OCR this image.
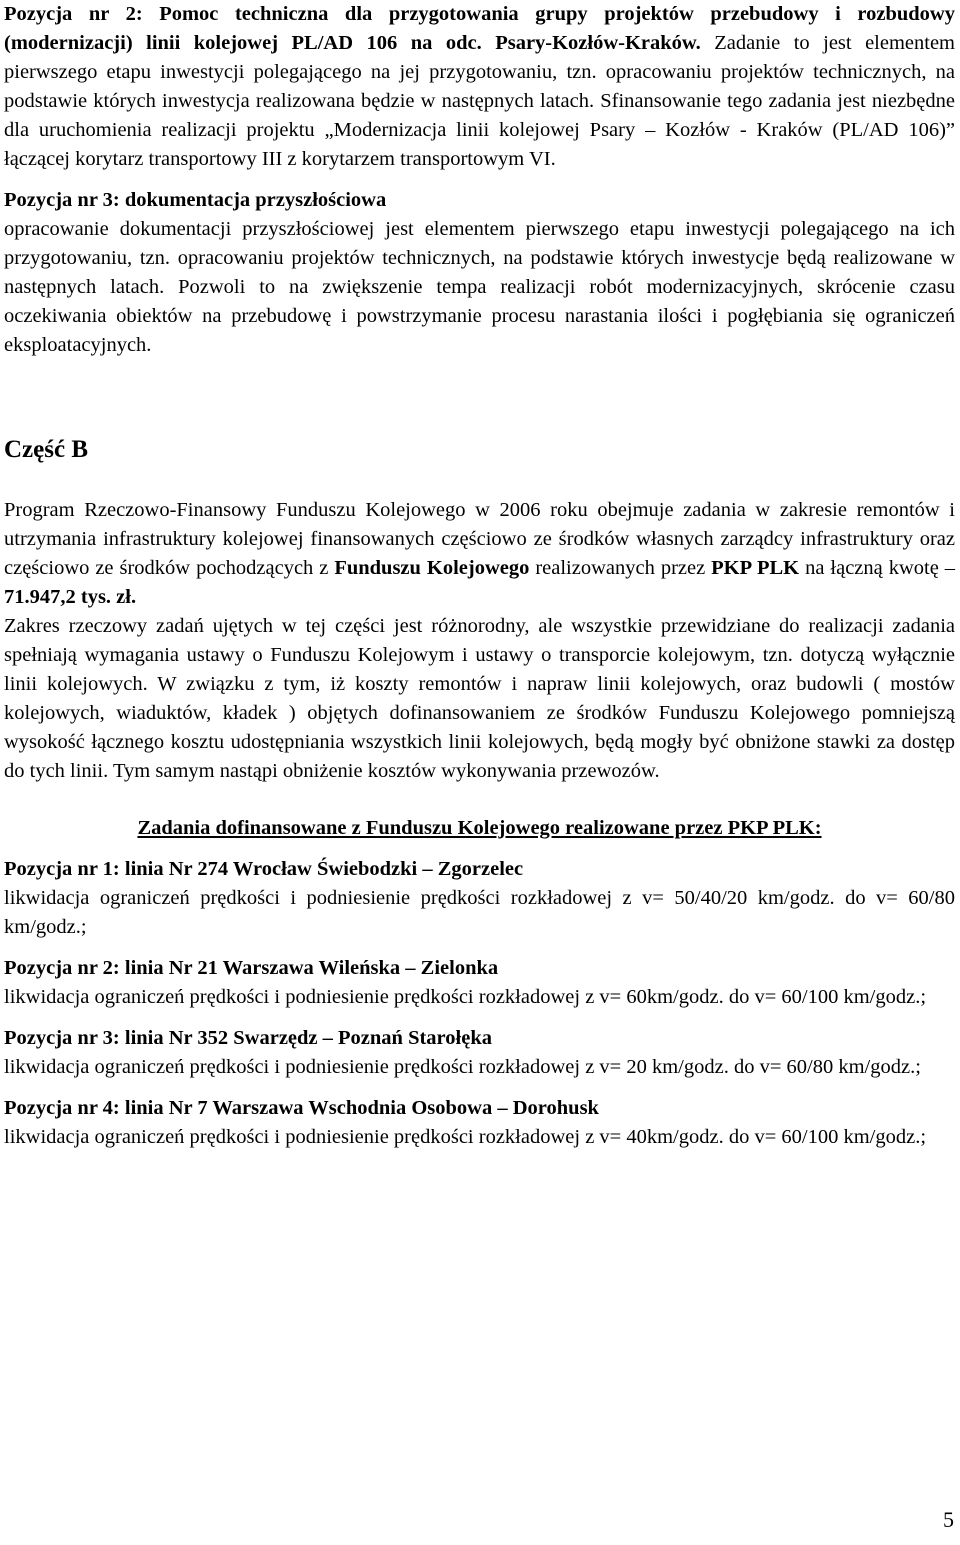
Pozycja nr 2: Pomoc techniczna dla przygotowania grupy projektów przebudowy i rozbudowy (modernizacji) linii kolejowej PL/AD 106 na odc. Psary-Kozłów-Kraków. Zadanie to jest elementem pierwszego etapu inwestycji polegającego na jej przygotowaniu, tzn. opracowaniu projektów technicznych, na podstawie których inwestycja realizowana będzie w następnych latach. Sfinansowanie tego zadania jest niezbędne dla uruchomienia realizacji projektu „Modernizacja linii kolejowej Psary – Kozłów - Kraków (PL/AD 106)” łączącej korytarz transportowy III z korytarzem transportowym VI.

Pozycja nr 3: dokumentacja przyszłościowa

opracowanie dokumentacji przyszłościowej jest elementem pierwszego etapu inwestycji polegającego na ich przygotowaniu, tzn. opracowaniu projektów technicznych, na podstawie których inwestycje będą realizowane w następnych latach. Pozwoli to na zwiększenie tempa realizacji robót modernizacyjnych, skrócenie czasu oczekiwania obiektów na przebudowę i powstrzymanie procesu narastania ilości i pogłębiania się ograniczeń eksploatacyjnych.

Część B

Program Rzeczowo-Finansowy Funduszu Kolejowego w 2006 roku obejmuje zadania w zakresie remontów i utrzymania infrastruktury kolejowej finansowanych częściowo ze środków własnych zarządcy infrastruktury oraz częściowo ze środków pochodzących z Funduszu Kolejowego realizowanych przez PKP PLK na łączną kwotę – 71.947,2 tys. zł.

Zakres rzeczowy zadań ujętych w tej części jest różnorodny, ale wszystkie przewidziane do realizacji zadania spełniają wymagania ustawy o Funduszu Kolejowym i ustawy o transporcie kolejowym, tzn. dotyczą wyłącznie linii kolejowych. W związku z tym, iż koszty remontów i napraw linii kolejowych, oraz budowli ( mostów kolejowych, wiaduktów, kładek ) objętych dofinansowaniem ze środków Funduszu Kolejowego pomniejszą wysokość łącznego kosztu udostępniania wszystkich linii kolejowych, będą mogły być obniżone stawki za dostęp do tych linii. Tym samym nastąpi obniżenie kosztów wykonywania przewozów.

Zadania dofinansowane z Funduszu Kolejowego realizowane przez PKP PLK:

Pozycja nr 1: linia Nr 274 Wrocław Świebodzki – Zgorzelec

likwidacja ograniczeń prędkości i podniesienie prędkości rozkładowej z v= 50/40/20 km/godz. do v= 60/80 km/godz.;

Pozycja nr 2: linia Nr 21 Warszawa Wileńska – Zielonka

likwidacja ograniczeń prędkości i podniesienie prędkości rozkładowej z v= 60km/godz. do v= 60/100 km/godz.;

Pozycja nr 3: linia Nr 352 Swarzędz – Poznań Starołęka

likwidacja ograniczeń prędkości i podniesienie prędkości rozkładowej z v= 20 km/godz. do v= 60/80 km/godz.;

Pozycja nr 4: linia Nr 7 Warszawa Wschodnia Osobowa – Dorohusk

likwidacja ograniczeń prędkości i podniesienie prędkości rozkładowej z v= 40km/godz. do v= 60/100 km/godz.;

5
